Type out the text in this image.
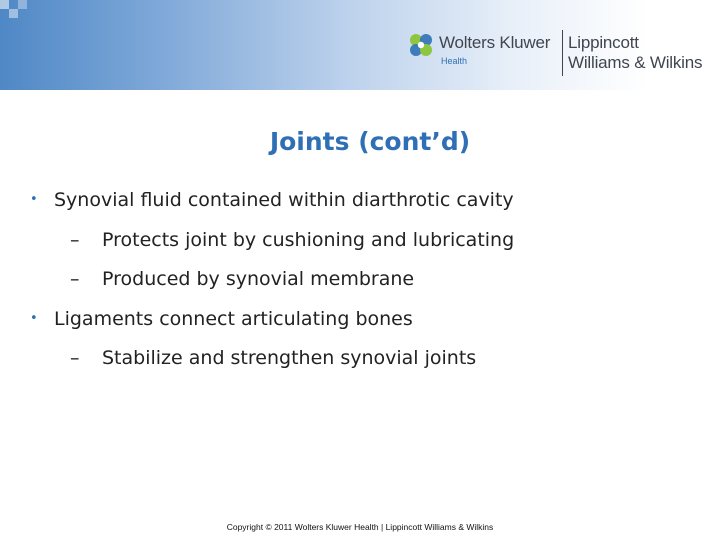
Wolters Kluwer
Health
Lippincott
Williams & Wilkins
Joints (cont’d)
• Synovial fluid contained within diarthrotic cavity
– Protects joint by cushioning and lubricating
– Produced by synovial membrane
• Ligaments connect articulating bones
– Stabilize and strengthen synovial joints
Copyright © 2011 Wolters Kluwer Health | Lippincott Williams & Wilkins
